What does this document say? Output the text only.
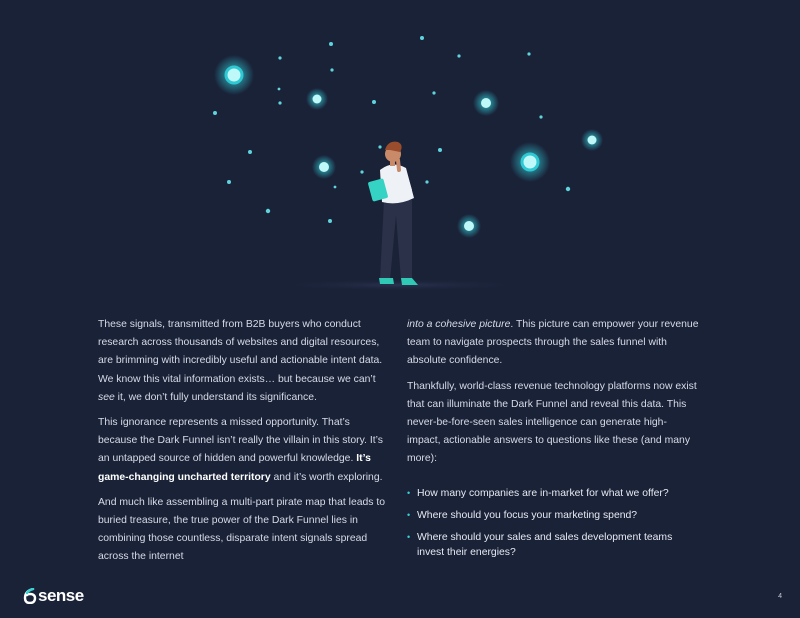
These signals, transmitted from B2B buyers who conduct research across thousands of websites and digital resources, are brimming with incredibly useful and actionable intent data. We know this vital information exists… but because we can’t see it, we don’t fully understand its significance.

This ignorance represents a missed opportunity. That’s because the Dark Funnel isn’t really the villain in this story. It’s an untapped source of hidden and powerful knowledge. It’s game-changing uncharted territory and it’s worth exploring.

And much like assembling a multi-part pirate map that leads to buried treasure, the true power of the Dark Funnel lies in combining those countless, disparate intent signals spread across the internet

into a cohesive picture. This picture can empower your revenue team to navigate prospects through the sales funnel with absolute confidence.

Thankfully, world-class revenue technology platforms now exist that can illuminate the Dark Funnel and reveal this data. This never-be-fore-seen sales intelligence can generate high-impact, actionable answers to questions like these (and many more):

• How many companies are in-market for what we offer?
• Where should you focus your marketing spend?
• Where should your sales and sales development teams invest their energies?
sense	4
